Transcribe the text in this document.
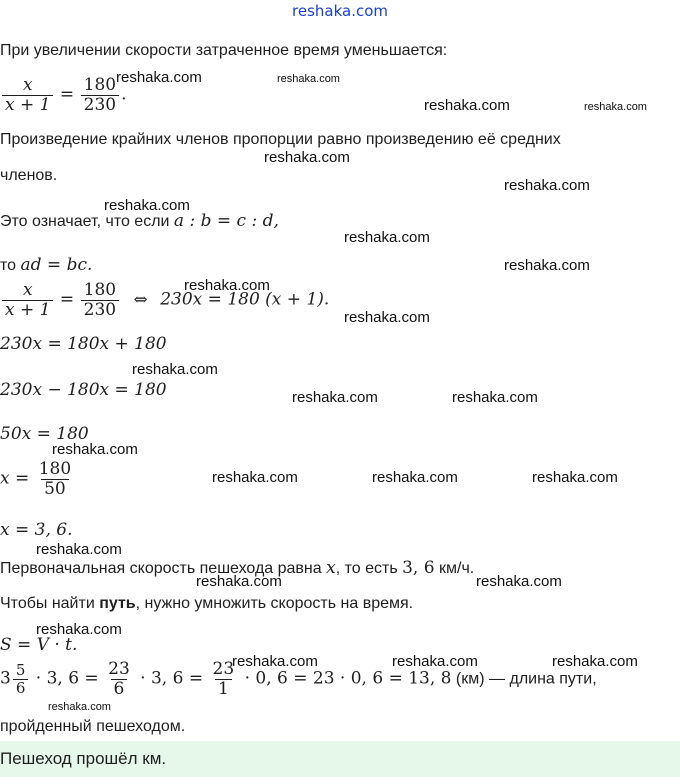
reshaka.com
При увеличении скорости затраченное время уменьшается:
$\frac{x}{x + 1} = \frac{180}{230}$ .
Произведение крайних членов пропорции равно произведению её средних
членов.
Это означает, что если a : b = c : d,
то ad = bc.
$\frac{x}{x + 1} = \frac{180}{230}$ ⇔ 230x = 180 (x + 1).
230x = 180x + 180
230x − 180x = 180
50x = 180
$x = \frac{180}{50}$
x = 3, 6.
Первоначальная скорость пешехода равна x, то есть 3, 6 км/ч.
Чтобы найти путь, нужно умножить скорость на время.
S = V · t.
$3 \frac{5}{6} \cdot 3$, $6 = \frac{23}{6} \cdot 3$, $6 = \frac{23}{1} \cdot 0$, 6 = 23 · 0, 6 = 13, 8 (км) — длина пути,
пройденный пешеходом.
Пешеход прошёл км.
reshaka.com	reshaka.com
reshaka.com	reshaka.com
reshaka.com
reshaka.com
reshaka.com
reshaka.com
reshaka.com
reshaka.com
reshaka.com
reshaka.com
reshaka.com	reshaka.com
reshaka.com
reshaka.com	reshaka.com	reshaka.com
reshaka.com
reshaka.com	reshaka.com
reshaka.com
reshaka.com	reshaka.com	reshaka.com
reshaka.com
